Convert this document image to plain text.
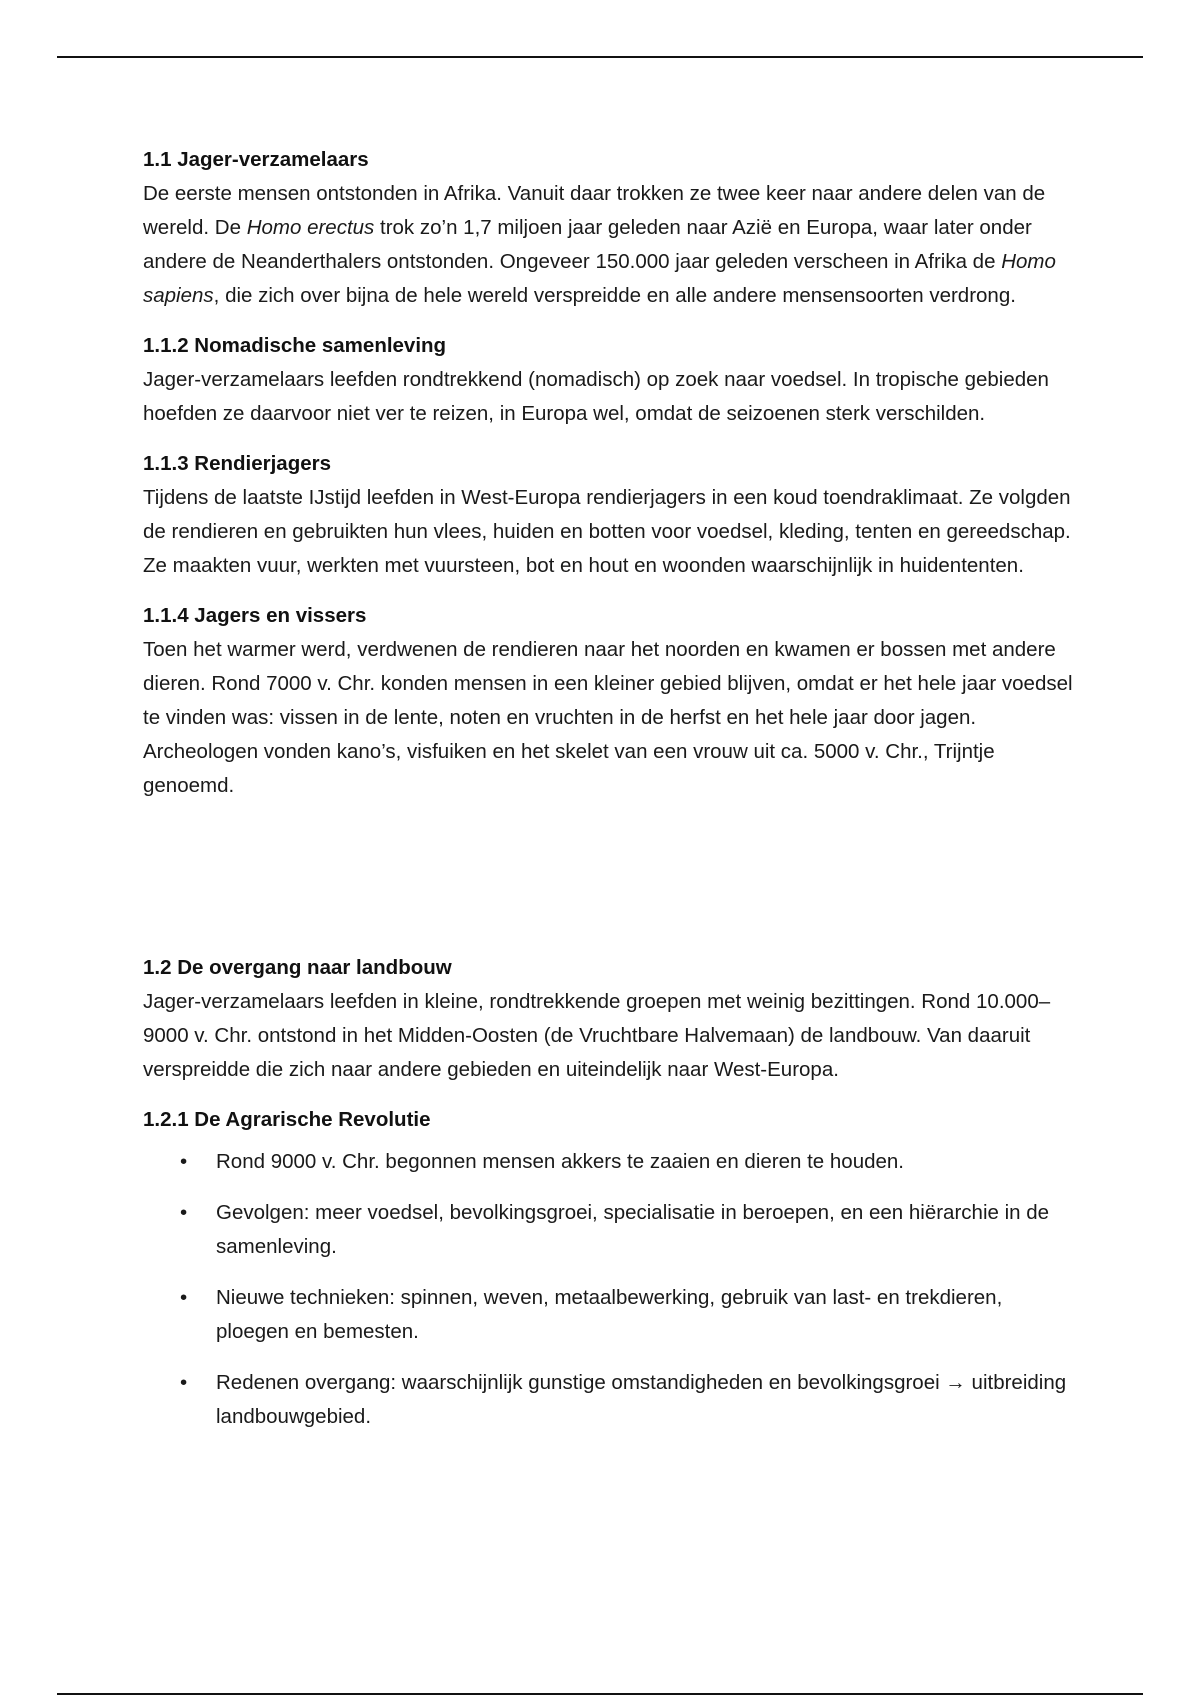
1.1 Jager-verzamelaars

De eerste mensen ontstonden in Afrika. Vanuit daar trokken ze twee keer naar andere delen van de wereld. De Homo erectus trok zo’n 1,7 miljoen jaar geleden naar Azië en Europa, waar later onder andere de Neanderthalers ontstonden. Ongeveer 150.000 jaar geleden verscheen in Afrika de Homo sapiens, die zich over bijna de hele wereld verspreidde en alle andere mensensoorten verdrong.

1.1.2 Nomadische samenleving

Jager-verzamelaars leefden rondtrekkend (nomadisch) op zoek naar voedsel. In tropische gebieden hoefden ze daarvoor niet ver te reizen, in Europa wel, omdat de seizoenen sterk verschilden.

1.1.3 Rendierjagers

Tijdens de laatste IJstijd leefden in West-Europa rendierjagers in een koud toendraklimaat. Ze volgden de rendieren en gebruikten hun vlees, huiden en botten voor voedsel, kleding, tenten en gereedschap. Ze maakten vuur, werkten met vuursteen, bot en hout en woonden waarschijnlijk in huidententen.

1.1.4 Jagers en vissers

Toen het warmer werd, verdwenen de rendieren naar het noorden en kwamen er bossen met andere dieren. Rond 7000 v. Chr. konden mensen in een kleiner gebied blijven, omdat er het hele jaar voedsel te vinden was: vissen in de lente, noten en vruchten in de herfst en het hele jaar door jagen. Archeologen vonden kano’s, visfuiken en het skelet van een vrouw uit ca. 5000 v. Chr., Trijntje genoemd.

1.2 De overgang naar landbouw

Jager-verzamelaars leefden in kleine, rondtrekkende groepen met weinig bezittingen. Rond 10.000–9000 v. Chr. ontstond in het Midden-Oosten (de Vruchtbare Halvemaan) de landbouw. Van daaruit verspreidde die zich naar andere gebieden en uiteindelijk naar West-Europa.

1.2.1 De Agrarische Revolutie

• Rond 9000 v. Chr. begonnen mensen akkers te zaaien en dieren te houden.
• Gevolgen: meer voedsel, bevolkingsgroei, specialisatie in beroepen, en een hiërarchie in de samenleving.
• Nieuwe technieken: spinnen, weven, metaalbewerking, gebruik van last- en trekdieren, ploegen en bemesten.
• Redenen overgang: waarschijnlijk gunstige omstandigheden en bevolkingsgroei → uitbreiding landbouwgebied.
